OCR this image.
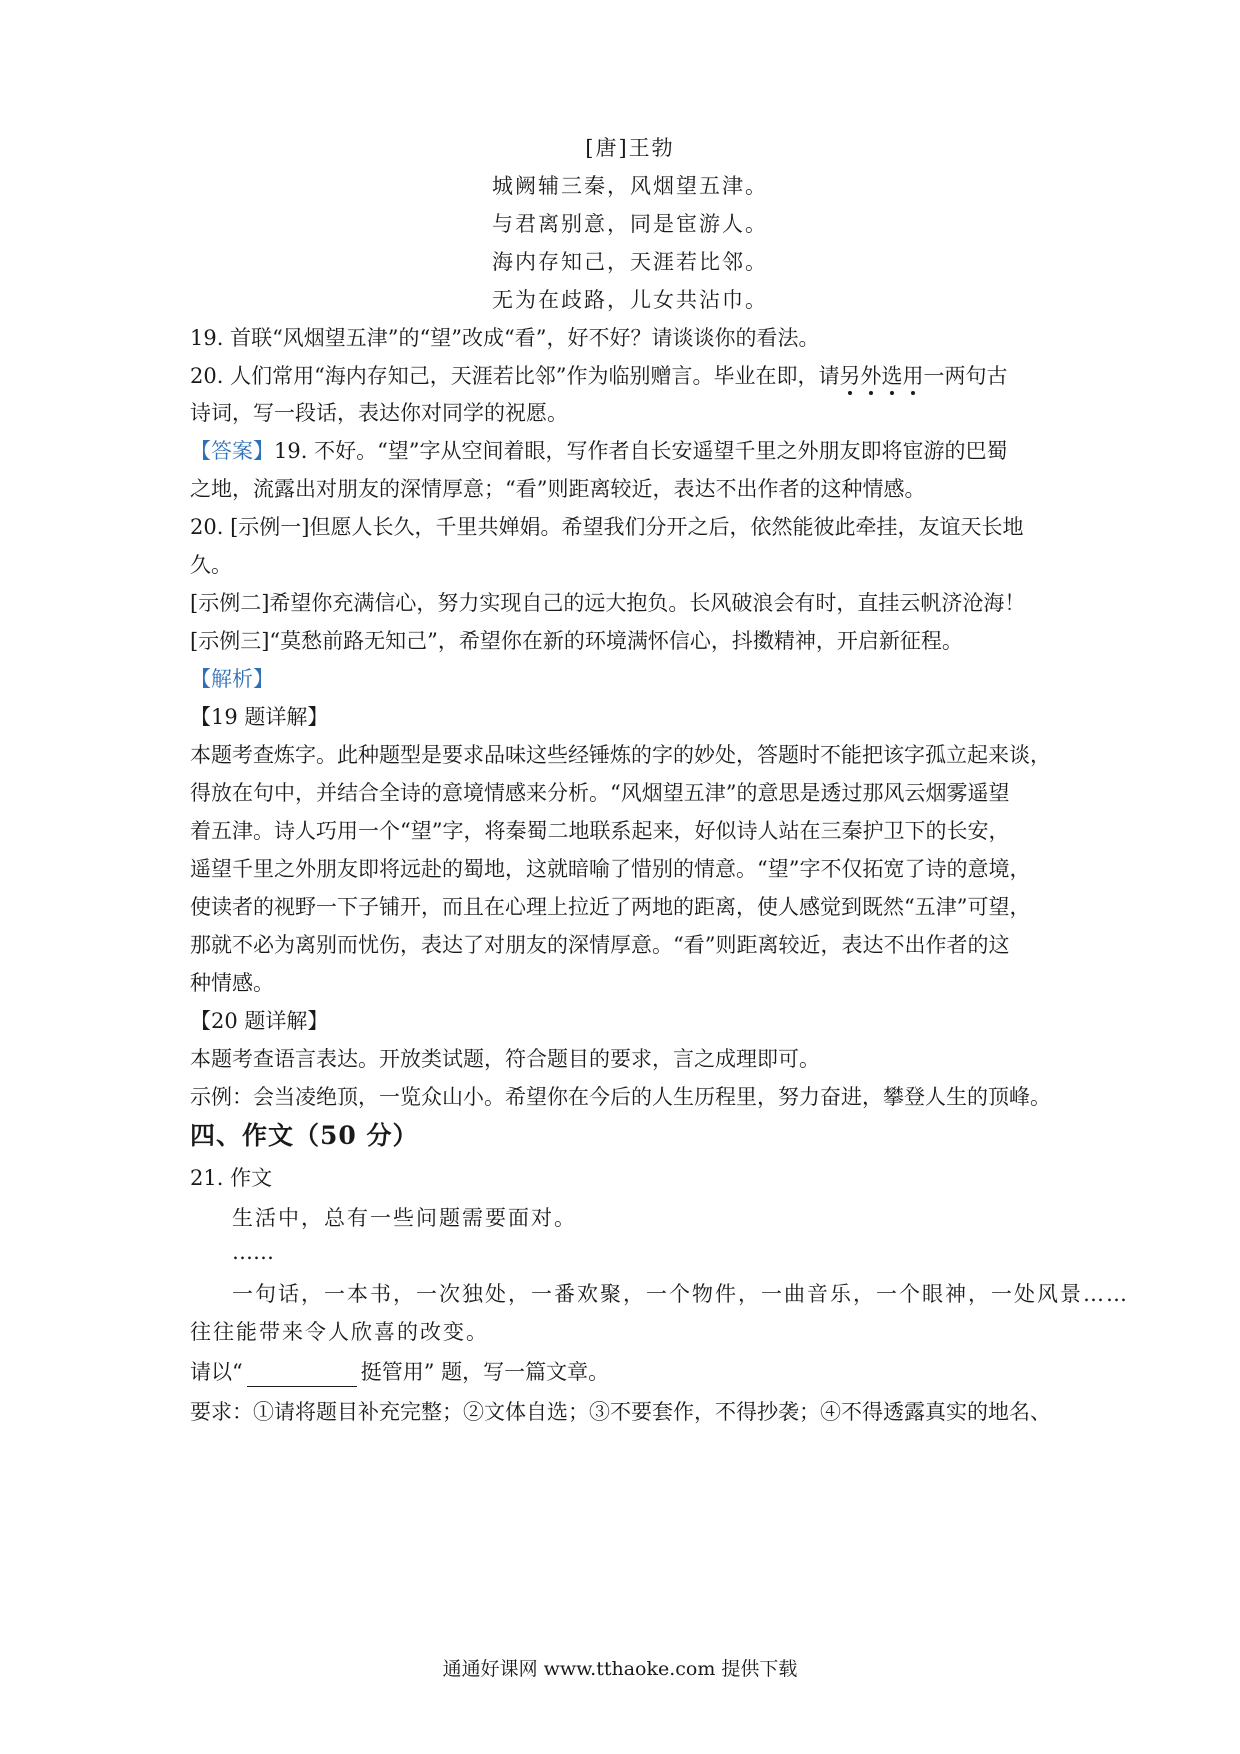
[唐]王勃
城阙辅三秦，风烟望五津。
与君离别意，同是宦游人。
海内存知己，天涯若比邻。
无为在歧路，儿女共沾巾。
19. 首联“风烟望五津”的“望”改成“看”，好不好？请谈谈你的看法。
20. 人们常用“海内存知己，天涯若比邻”作为临别赠言。毕业在即，请另外选用一两句古
诗词，写一段话，表达你对同学的祝愿。
【答案】19. 不好。“望”字从空间着眼，写作者自长安遥望千里之外朋友即将宦游的巴蜀
之地，流露出对朋友的深情厚意；“看”则距离较近，表达不出作者的这种情感。
20. [示例一]但愿人长久，千里共婵娟。希望我们分开之后，依然能彼此牵挂，友谊天长地
久。
[示例二]希望你充满信心，努力实现自己的远大抱负。长风破浪会有时，直挂云帆济沧海！
[示例三]“莫愁前路无知己”，希望你在新的环境满怀信心，抖擞精神，开启新征程。
【解析】
【19 题详解】
本题考查炼字。此种题型是要求品味这些经锤炼的字的妙处，答题时不能把该字孤立起来谈，
得放在句中，并结合全诗的意境情感来分析。“风烟望五津”的意思是透过那风云烟雾遥望
着五津。诗人巧用一个“望”字，将秦蜀二地联系起来，好似诗人站在三秦护卫下的长安，
遥望千里之外朋友即将远赴的蜀地，这就暗喻了惜别的情意。“望”字不仅拓宽了诗的意境，
使读者的视野一下子铺开，而且在心理上拉近了两地的距离，使人感觉到既然“五津”可望，
那就不必为离别而忧伤，表达了对朋友的深情厚意。“看”则距离较近，表达不出作者的这
种情感。
【20 题详解】
本题考查语言表达。开放类试题，符合题目的要求，言之成理即可。
示例：会当凌绝顶，一览众山小。希望你在今后的人生历程里，努力奋进，攀登人生的顶峰。
四、作文（50 分）
21. 作文
生活中，总有一些问题需要面对。
……
一句话，一本书，一次独处，一番欢聚，一个物件，一曲音乐，一个眼神，一处风景……
往往能带来令人欣喜的改变。
请以“	挺管用” 题，写一篇文章。
要求：①请将题目补充完整；②文体自选；③不要套作，不得抄袭；④不得透露真实的地名、
通通好课网 www.tthaoke.com 提供下载
